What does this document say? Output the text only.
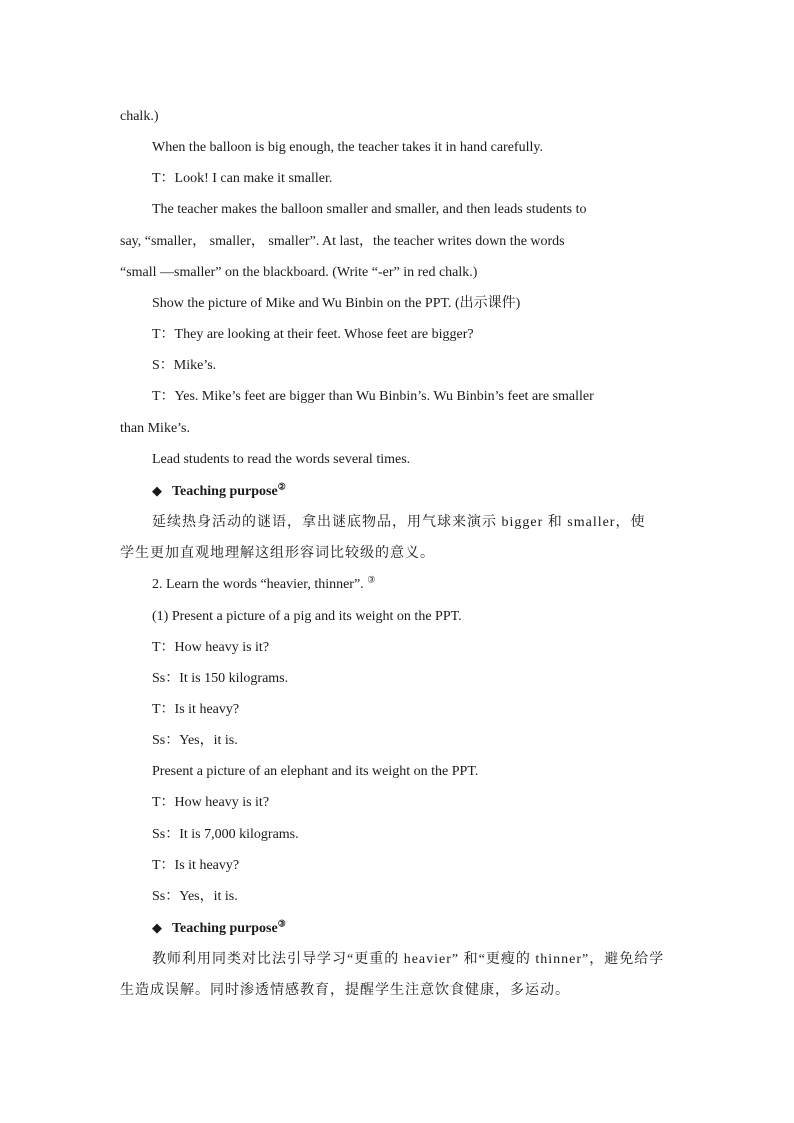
chalk.)

When the balloon is big enough, the teacher takes it in hand carefully.

T：Look! I can make it smaller.

The teacher makes the balloon smaller and smaller, and then leads students to

say, “smaller， smaller， smaller”. At last，the teacher writes down the words

“small —smaller” on the blackboard. (Write “-er” in red chalk.)

Show the picture of Mike and Wu Binbin on the PPT. (出示课件)

T：They are looking at their feet. Whose feet are bigger?

S：Mike’s.

T：Yes. Mike’s feet are bigger than Wu Binbin’s. Wu Binbin’s feet are smaller

than Mike’s.

Lead students to read the words several times.

◆ Teaching purpose②

延续热身活动的谜语，拿出谜底物品，用气球来演示 bigger 和 smaller，使

学生更加直观地理解这组形容词比较级的意义。

2. Learn the words “heavier, thinner”. ③

(1) Present a picture of a pig and its weight on the PPT.

T：How heavy is it?

Ss：It is 150 kilograms.

T：Is it heavy?

Ss：Yes，it is.

Present a picture of an elephant and its weight on the PPT.

T：How heavy is it?

Ss：It is 7,000 kilograms.

T：Is it heavy?

Ss：Yes，it is.

◆ Teaching purpose③

教师利用同类对比法引导学习“更重的 heavier” 和“更瘦的 thinner”，避免给学

生造成误解。同时渗透情感教育，提醒学生注意饮食健康，多运动。
